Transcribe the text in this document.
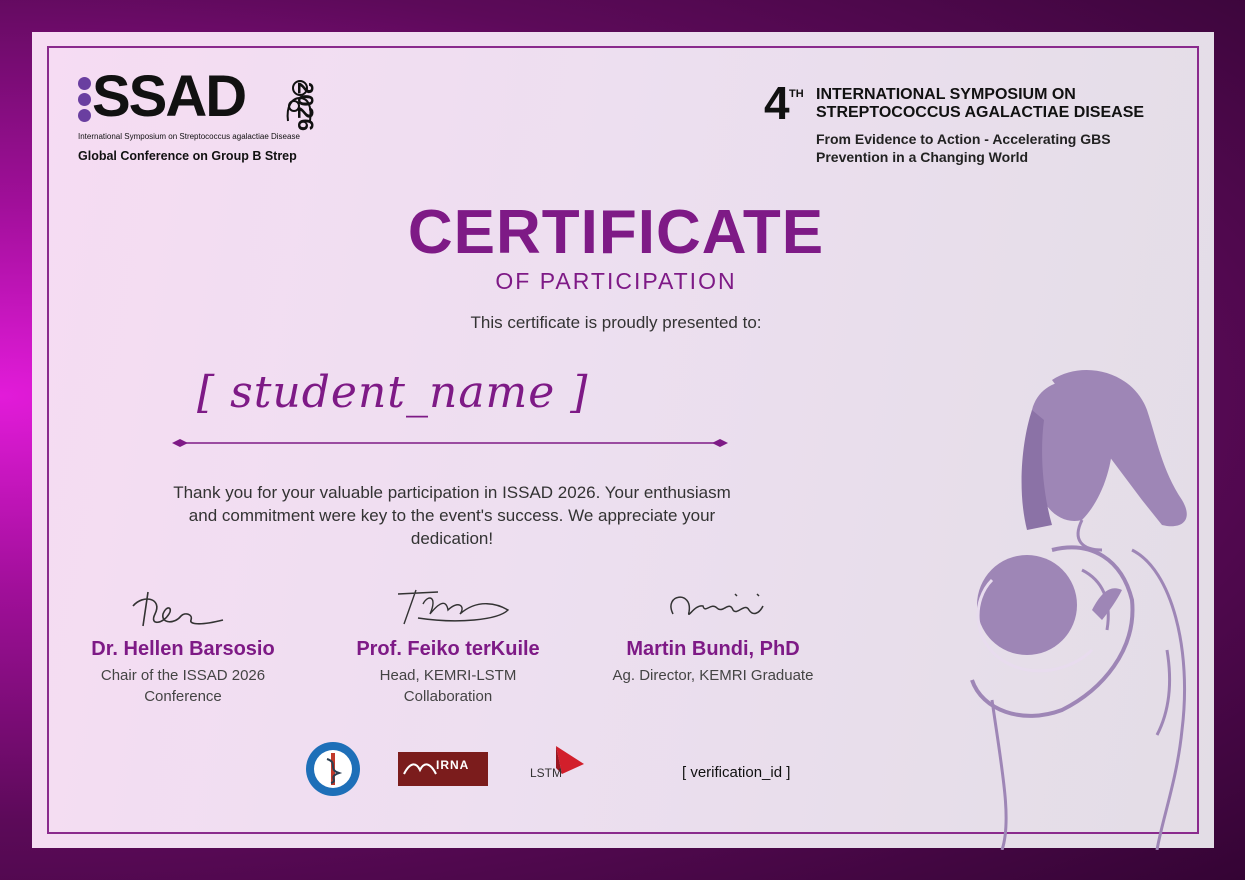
SSAD 2026
International Symposium on Streptococcus agalactiae Disease
Global Conference on Group B Strep
4 TH INTERNATIONAL SYMPOSIUM ON
STREPTOCOCCUS AGALACTIAE DISEASE
From Evidence to Action - Accelerating GBS
Prevention in a Changing World
CERTIFICATE
OF PARTICIPATION
This certificate is proudly presented to:
[ student_name ]
Thank you for your valuable participation in ISSAD 2026. Your enthusiasm
and commitment were key to the event's success. We appreciate your
dedication!
Dr. Hellen Barsosio
Chair of the ISSAD 2026
Conference
Prof. Feiko terKuile
Head, KEMRI-LSTM
Collaboration
Martin Bundi, PhD
Ag. Director, KEMRI Graduate
IRNA
LSTM	[ verification_id ]
